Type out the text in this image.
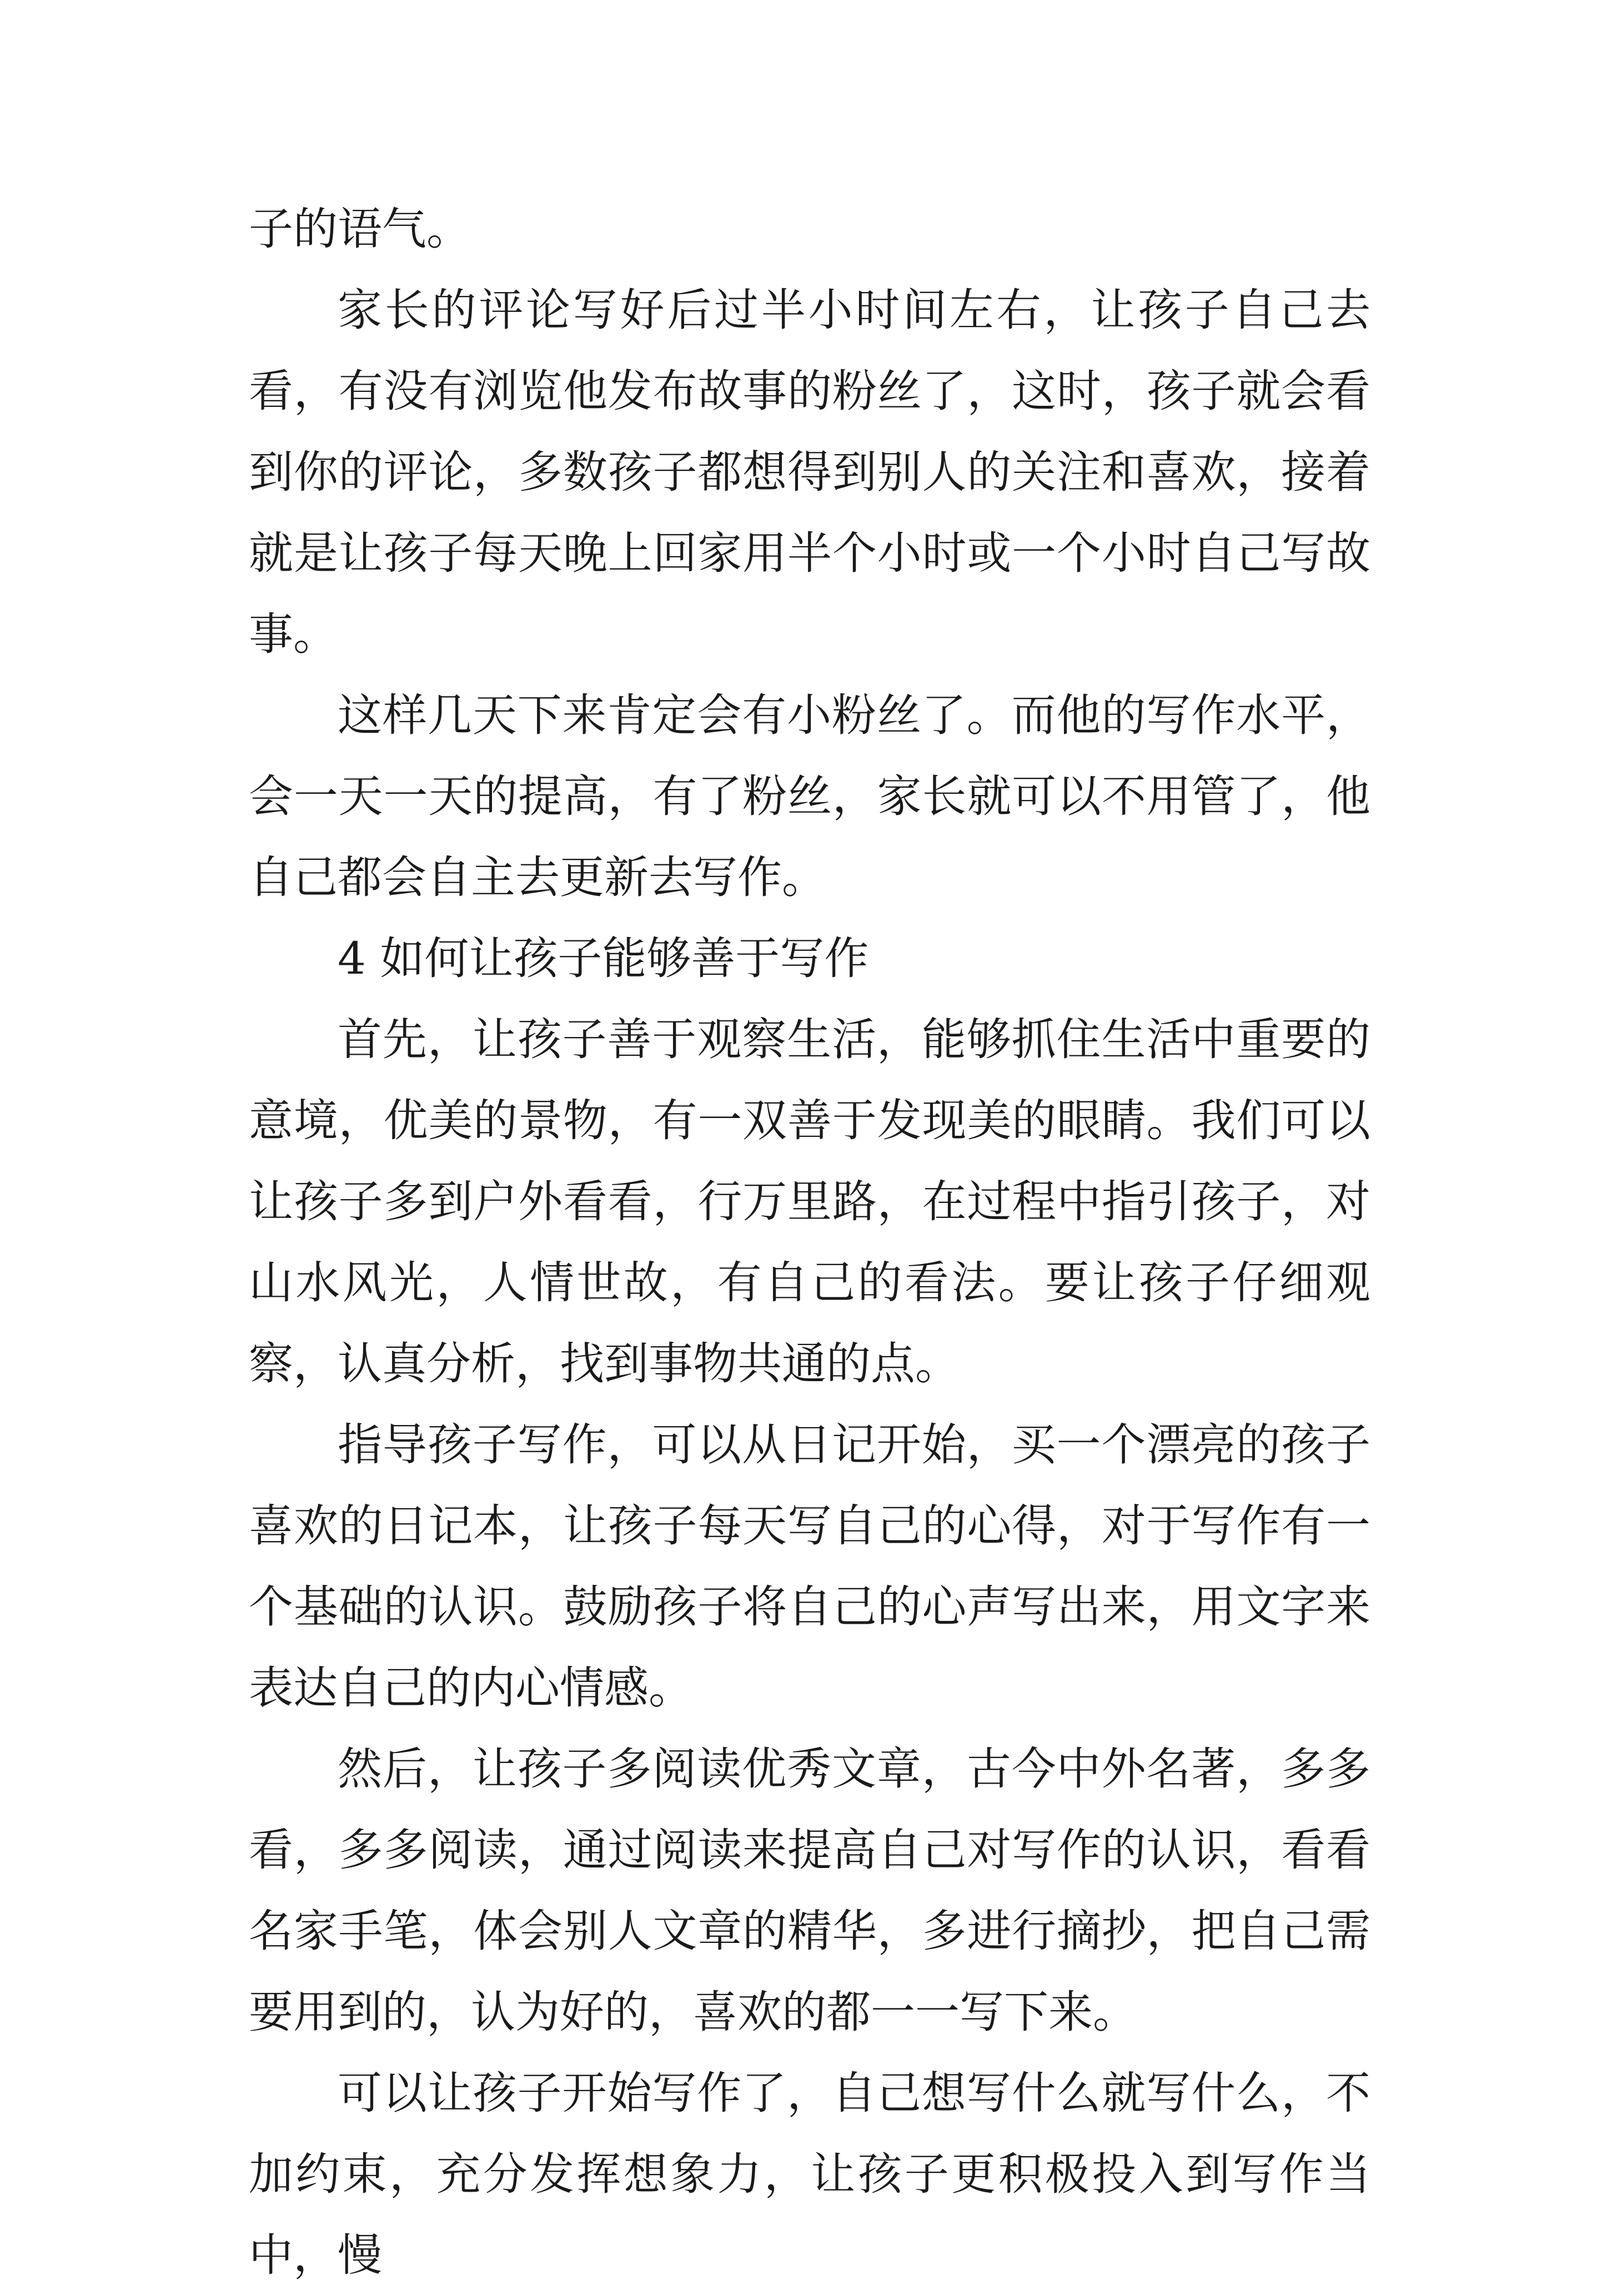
子的语气。

家长的评论写好后过半小时间左右，让孩子自己去看，有没有浏览他发布故事的粉丝了，这时，孩子就会看到你的评论，多数孩子都想得到别人的关注和喜欢，接着就是让孩子每天晚上回家用半个小时或一个小时自己写故事。

这样几天下来肯定会有小粉丝了。而他的写作水平，会一天一天的提高，有了粉丝，家长就可以不用管了，他自己都会自主去更新去写作。

4 如何让孩子能够善于写作

首先，让孩子善于观察生活，能够抓住生活中重要的意境，优美的景物，有一双善于发现美的眼睛。我们可以让孩子多到户外看看，行万里路，在过程中指引孩子，对山水风光，人情世故，有自己的看法。要让孩子仔细观察，认真分析，找到事物共通的点。

指导孩子写作，可以从日记开始，买一个漂亮的孩子喜欢的日记本，让孩子每天写自己的心得，对于写作有一个基础的认识。鼓励孩子将自己的心声写出来，用文字来表达自己的内心情感。

然后，让孩子多阅读优秀文章，古今中外名著，多多看，多多阅读，通过阅读来提高自己对写作的认识，看看名家手笔，体会别人文章的精华，多进行摘抄，把自己需要用到的，认为好的，喜欢的都一一写下来。

可以让孩子开始写作了，自己想写什么就写什么，不加约束，充分发挥想象力，让孩子更积极投入到写作当中，慢
